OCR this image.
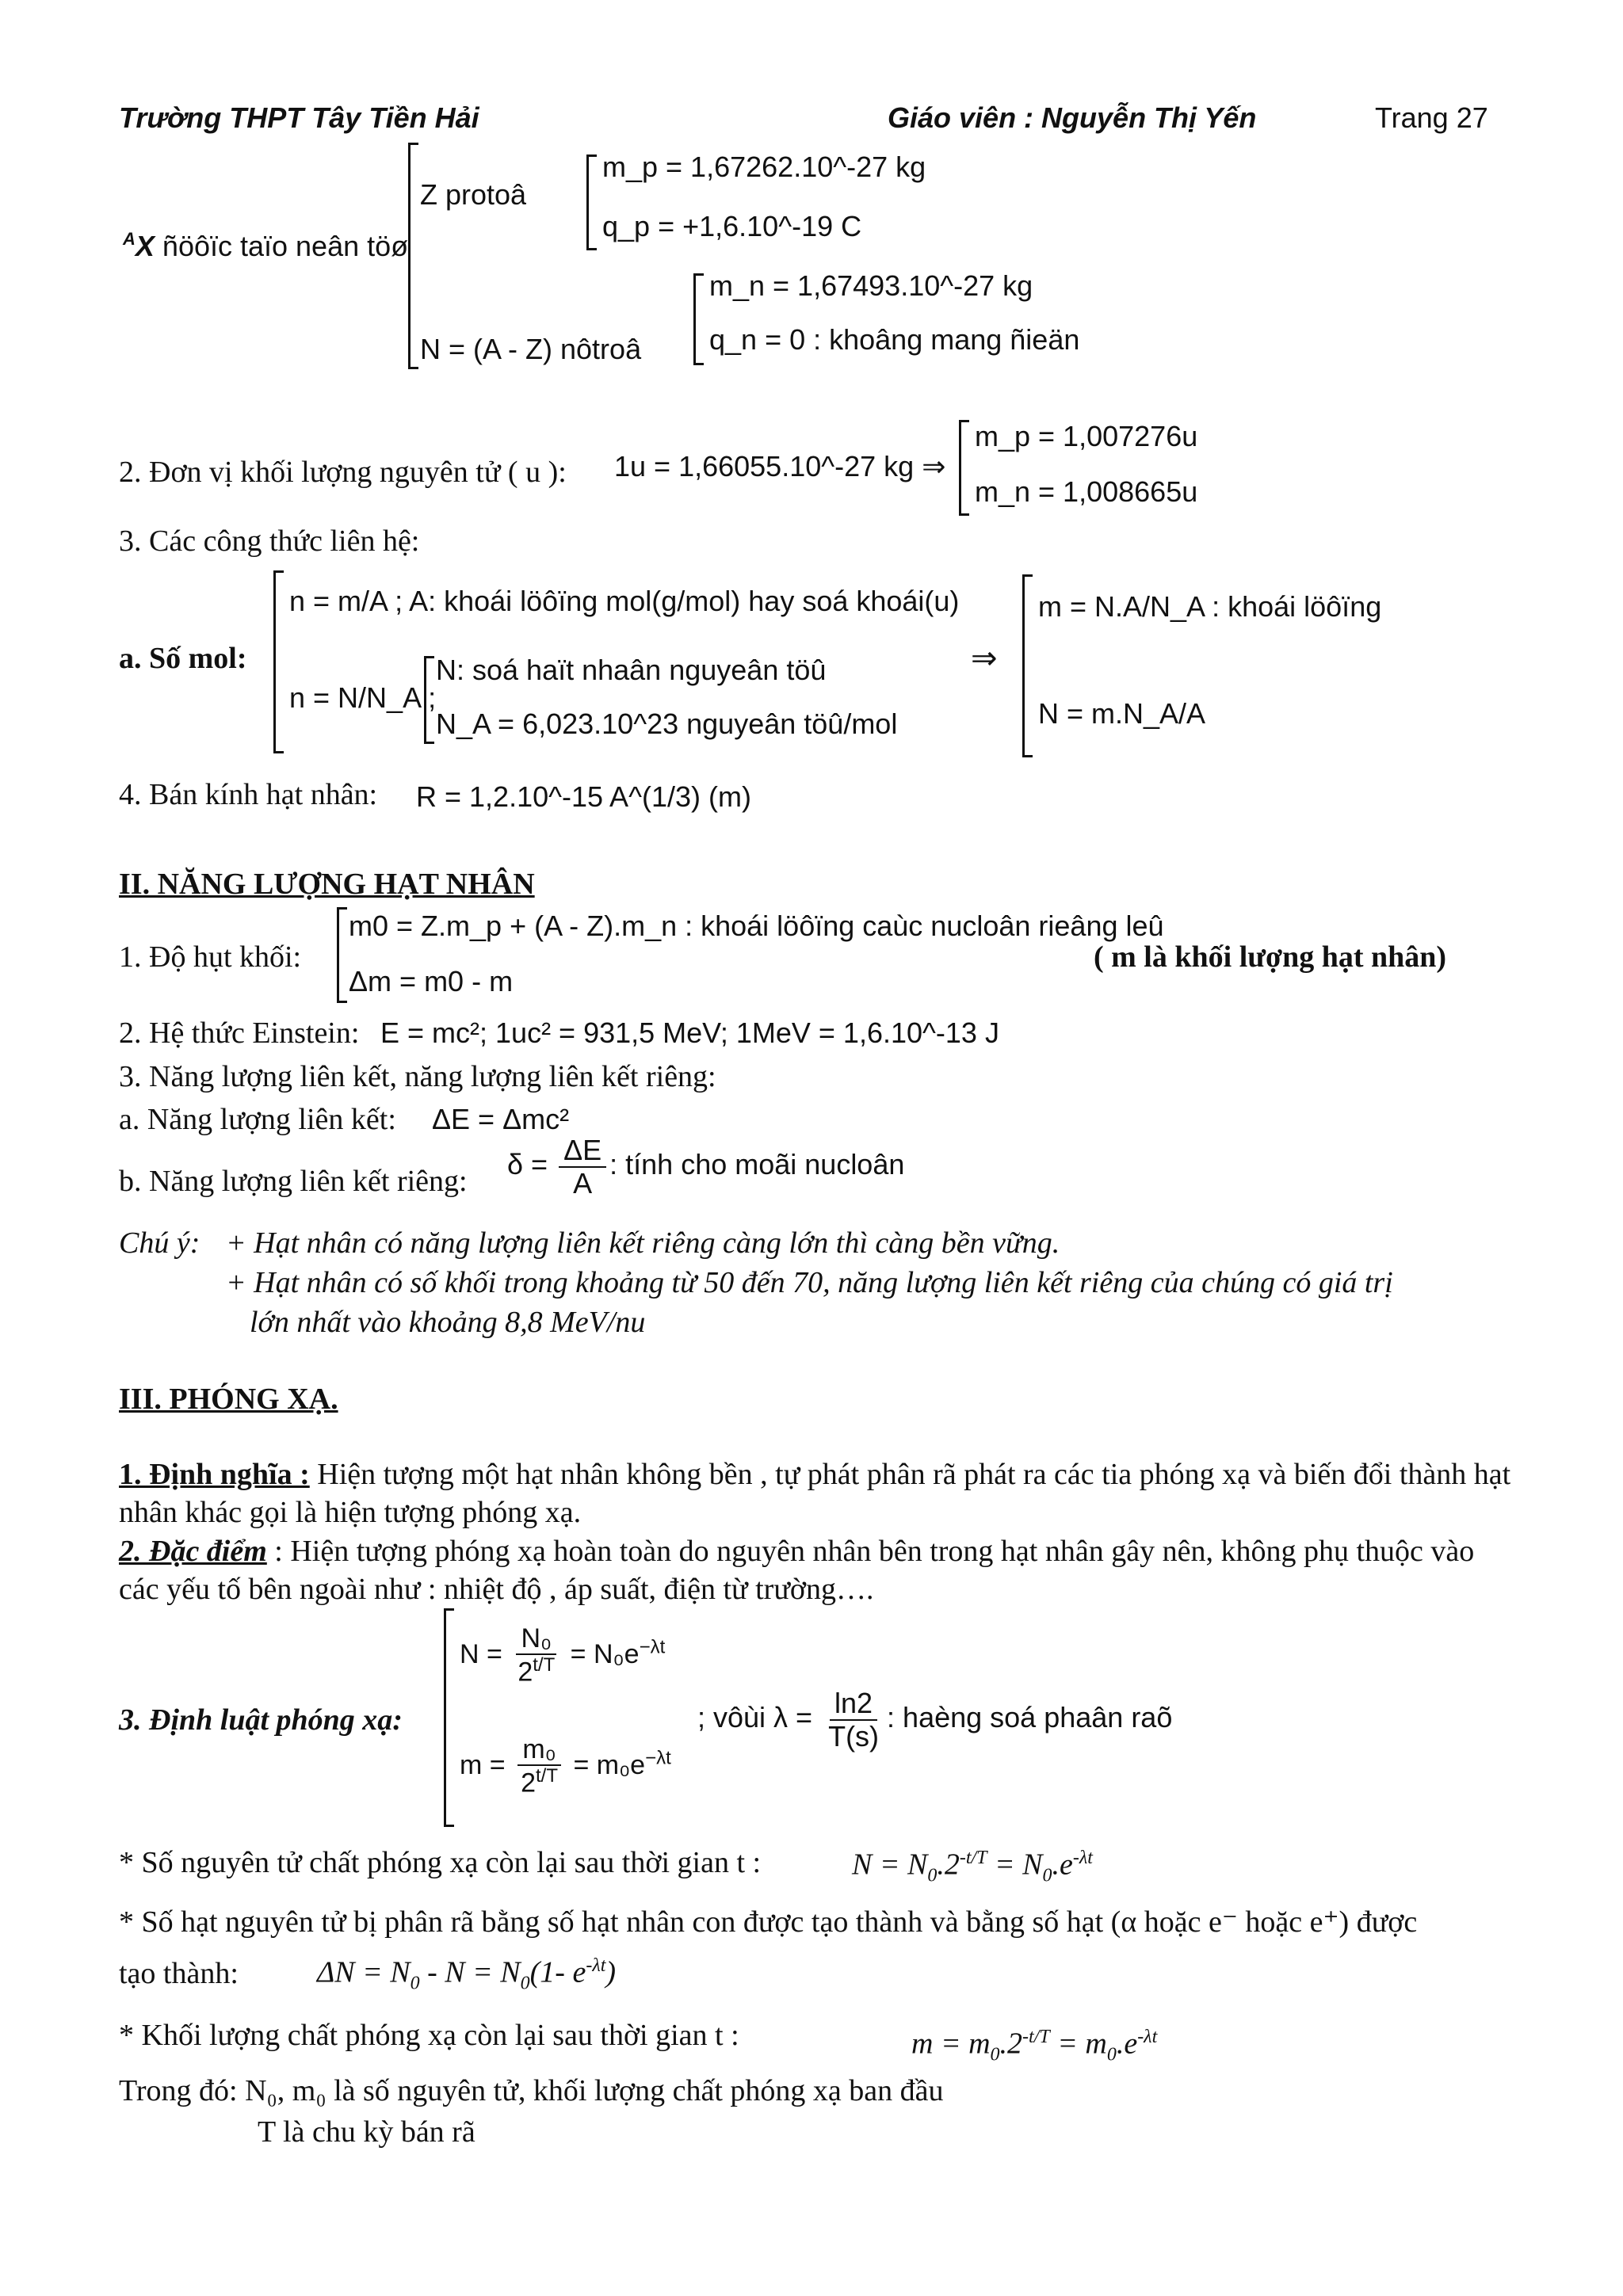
Trường THPT Tây Tiền Hải	Giáo viên : Nguyễn Thị Yến	Trang 27
$^A$X ñöôïc taïo neân töø
Z protoâ
m_p = 1,67262.10^-27 kg
q_p = +1,6.10^-19 C
N = (A - Z) nôtroâ
m_n = 1,67493.10^-27 kg
q_n = 0 : khoâng mang ñieän
2. Đơn vị khối lượng nguyên tử ( u ): 1u = 1,66055.10^-27 kg ⇒
m_p = 1,007276u
m_n = 1,008665u
3. Các công thức liên hệ:
a. Số mol:
n = m/A ; A: khoái löôïng mol(g/mol) hay soá khoái(u)
n = N/N_A ;
N: soá haït nhaân nguyeân töû
N_A = 6,023.10^23 nguyeân töû/mol
⇒
m = N.A/N_A : khoái löôïng
N = m.N_A/A
4. Bán kính hạt nhân: R = 1,2.10^-15 A^(1/3) (m)
II. NĂNG LƯỢNG HẠT NHÂN
1. Độ hụt khối:
m0 = Z.m_p + (A - Z).m_n : khoái löôïng caùc nucloân rieâng leû
Δm = m0 - m
( m là khối lượng hạt nhân)
2. Hệ thức Einstein: E = mc²; 1uc² = 931,5 MeV; 1MeV = 1,6.10^-13 J
3. Năng lượng liên kết, năng lượng liên kết riêng:
a. Năng lượng liên kết: ΔE = Δmc²
b. Năng lượng liên kết riêng:
$\delta = \frac{\Delta E}{A}$ : tính cho moãi nucloân
Chú ý: + Hạt nhân có năng lượng liên kết riêng càng lớn thì càng bền vững.
+ Hạt nhân có số khối trong khoảng từ 50 đến 70, năng lượng liên kết riêng của chúng có giá trị
lớn nhất vào khoảng 8,8 MeV/nu
III. PHÓNG XẠ.
1. Định nghĩa : Hiện tượng một hạt nhân không bền , tự phát phân rã phát ra các tia phóng xạ và biến đổi thành hạt nhân khác gọi là hiện tượng phóng xạ.
2. Đặc điểm : Hiện tượng phóng xạ hoàn toàn do nguyên nhân bên trong hạt nhân gây nên, không phụ thuộc vào các yếu tố bên ngoài như : nhiệt độ , áp suất, điện từ trường….
3. Định luật phóng xạ:
$N = \frac{\text{N₀}}{2^{t/T}} = N_0e^{-\lambda t}$
$m = \frac{\text{m₀}}{2^{t/T}} = m_0e^{-\lambda t}$
; vôùi $\lambda = \frac{\ln 2}{T(s)}$ : haèng soá phaân raõ
* Số nguyên tử chất phóng xạ còn lại sau thời gian t :	$N = N_0.2^{-t/T} = N_0.e^{-\lambda t}$
* Số hạt nguyên tử bị phân rã bằng số hạt nhân con được tạo thành và bằng số hạt (α hoặc e⁻ hoặc e⁺) được
tạo thành:	$\Delta N = N_0 - N = N_0(1-$ $e^{-\lambda t}$)
* Khối lượng chất phóng xạ còn lại sau thời gian t :	$m = m_0.2^{-t/T} = m_0.e^{-\lambda t}$
Trong đó: N₀, m₀ là số nguyên tử, khối lượng chất phóng xạ ban đầu
T là chu kỳ bán rã
